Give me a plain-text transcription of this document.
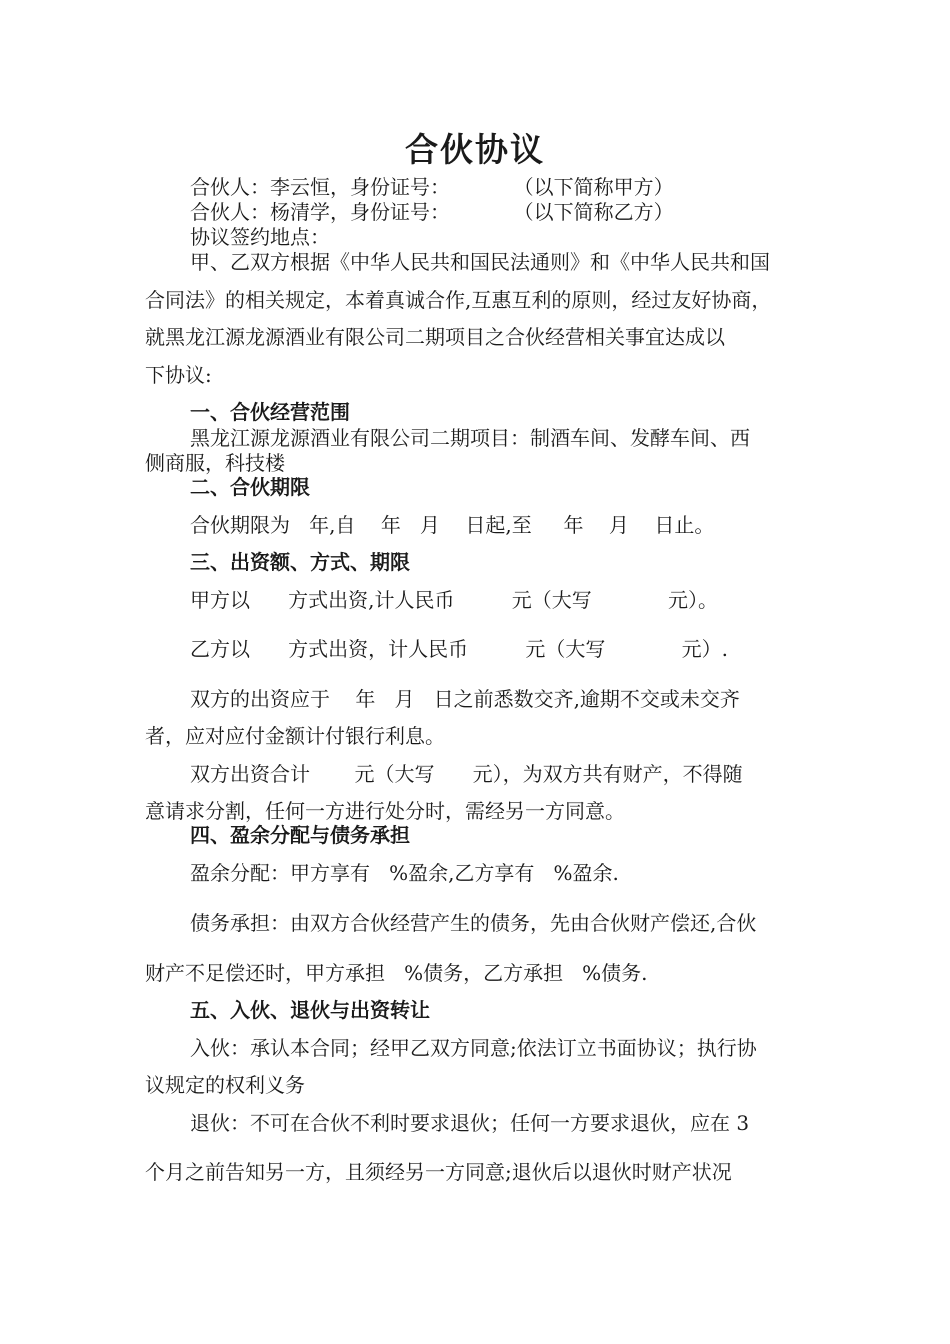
合伙协议

合伙人：李云恒，身份证号：          （以下简称甲方）

合伙人：杨清学，身份证号：          （以下简称乙方）

协议签约地点：

甲、乙双方根据《中华人民共和国民法通则》和《中华人民共和国

合同法》的相关规定，本着真诚合作,互惠互利的原则，经过友好协商，

就黑龙江源龙源酒业有限公司二期项目之合伙经营相关事宜达成以

下协议:

一、合伙经营范围

黑龙江源龙源酒业有限公司二期项目：制酒车间、发酵车间、西

侧商服，科技楼

二、合伙期限

合伙期限为   年,自    年   月    日起,至     年    月    日止。

三、出资额、方式、期限

甲方以      方式出资,计人民币         元（大写            元）。

乙方以      方式出资，计人民币         元（大写            元）.

双方的出资应于    年   月   日之前悉数交齐,逾期不交或未交齐

者，应对应付金额计付银行利息。

双方出资合计       元（大写      元），为双方共有财产，不得随

意请求分割，任何一方进行处分时，需经另一方同意。

四、盈余分配与债务承担

盈余分配：甲方享有   %盈余,乙方享有   %盈余.

债务承担：由双方合伙经营产生的债务，先由合伙财产偿还,合伙

财产不足偿还时，甲方承担   %债务，乙方承担   %债务.

五、入伙、退伙与出资转让

入伙：承认本合同；经甲乙双方同意;依法订立书面协议；执行协

议规定的权利义务

退伙：不可在合伙不利时要求退伙；任何一方要求退伙，应在 3

个月之前告知另一方，且须经另一方同意;退伙后以退伙时财产状况
